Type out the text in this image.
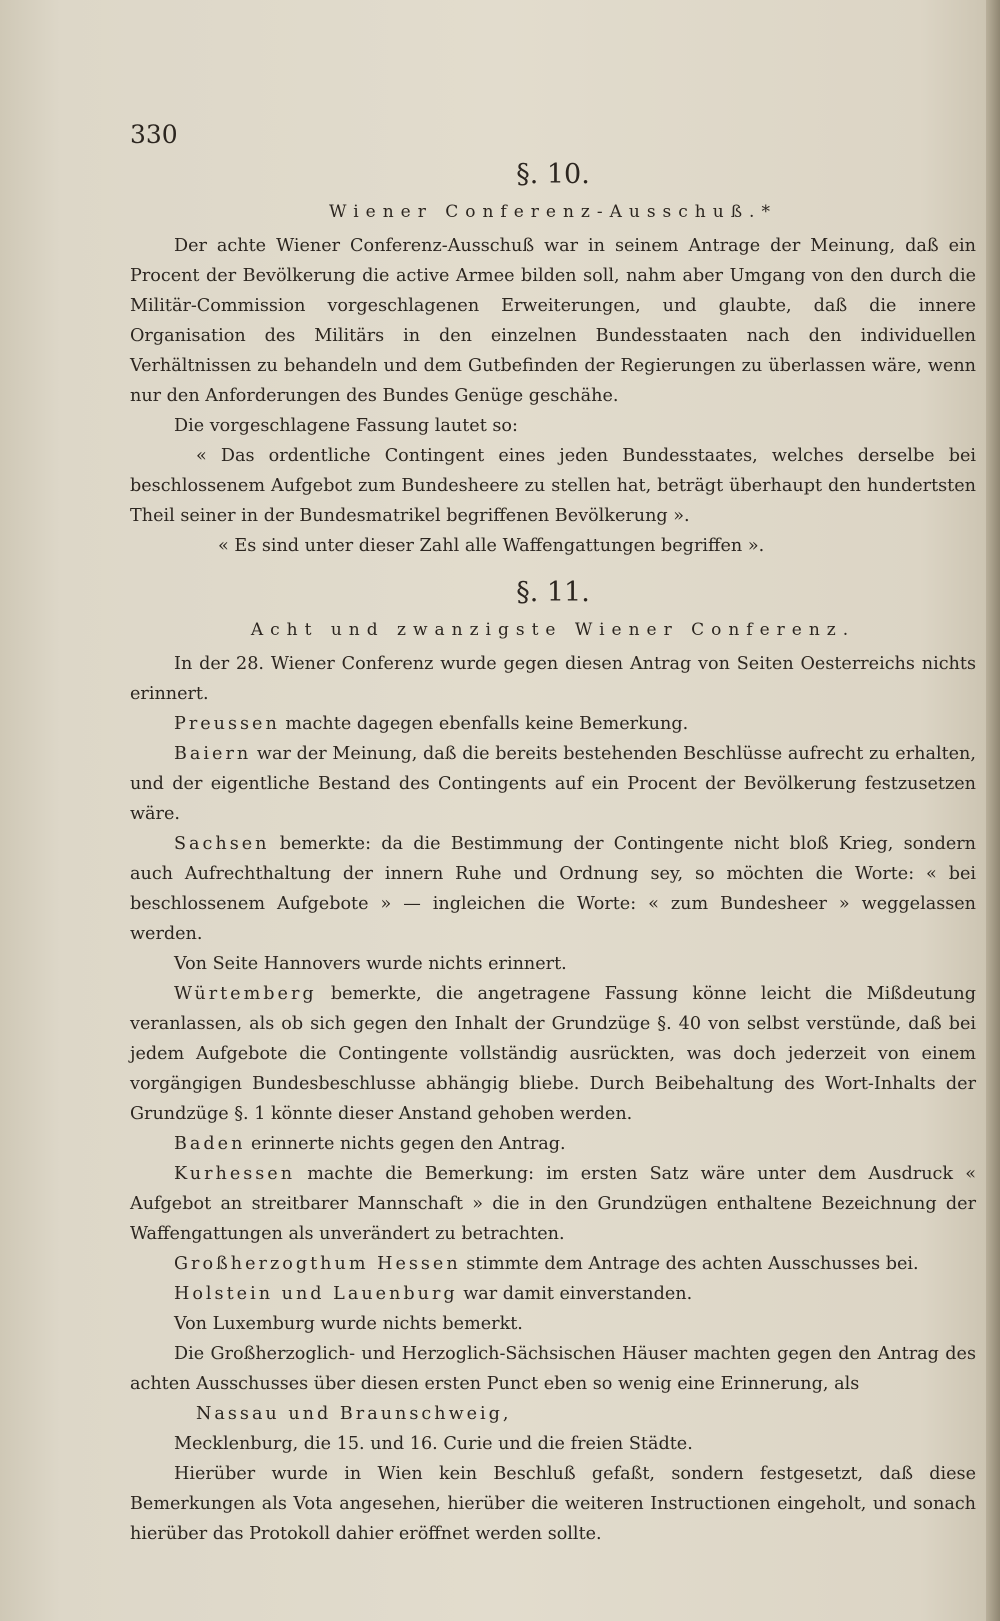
330
§. 10.
Wiener Conferenz-Ausschuß.*

Der achte Wiener Conferenz-Ausschuß war in seinem Antrage der Meinung, daß ein Procent der Bevölkerung die active Armee bilden soll, nahm aber Umgang von den durch die Militär-Commission vorgeschlagenen Erweiterungen, und glaubte, daß die innere Organisation des Militärs in den einzelnen Bundesstaaten nach den individuellen Verhältnissen zu behandeln und dem Gutbefinden der Regierungen zu überlassen wäre, wenn nur den Anforderungen des Bundes Genüge geschähe.

Die vorgeschlagene Fassung lautet so:

« Das ordentliche Contingent eines jeden Bundesstaates, welches derselbe bei beschlossenem Aufgebot zum Bundesheere zu stellen hat, beträgt überhaupt den hundertsten Theil seiner in der Bundesmatrikel begriffenen Bevölkerung ».

« Es sind unter dieser Zahl alle Waffengattungen begriffen ».

§. 11.
Acht und zwanzigste Wiener Conferenz.

In der 28. Wiener Conferenz wurde gegen diesen Antrag von Seiten Oesterreichs nichts erinnert.

Preussen machte dagegen ebenfalls keine Bemerkung.

Baiern war der Meinung, daß die bereits bestehenden Beschlüsse aufrecht zu erhalten, und der eigentliche Bestand des Contingents auf ein Procent der Bevölkerung festzusetzen wäre.

Sachsen bemerkte: da die Bestimmung der Contingente nicht bloß Krieg, sondern auch Aufrechthaltung der innern Ruhe und Ordnung sey, so möchten die Worte: « bei beschlossenem Aufgebote » — ingleichen die Worte: « zum Bundesheer » weggelassen werden.

Von Seite Hannovers wurde nichts erinnert.

Würtemberg bemerkte, die angetragene Fassung könne leicht die Mißdeutung veranlassen, als ob sich gegen den Inhalt der Grundzüge §. 40 von selbst verstünde, daß bei jedem Aufgebote die Contingente vollständig ausrückten, was doch jederzeit von einem vorgängigen Bundesbeschlusse abhängig bliebe. Durch Beibehaltung des Wort-Inhalts der Grundzüge §. 1 könnte dieser Anstand gehoben werden.

Baden erinnerte nichts gegen den Antrag.

Kurhessen machte die Bemerkung: im ersten Satz wäre unter dem Ausdruck « Aufgebot an streitbarer Mannschaft » die in den Grundzügen enthaltene Bezeichnung der Waffengattungen als unverändert zu betrachten.

Großherzogthum Hessen stimmte dem Antrage des achten Ausschusses bei.

Holstein und Lauenburg war damit einverstanden.

Von Luxemburg wurde nichts bemerkt.

Die Großherzoglich- und Herzoglich-Sächsischen Häuser machten gegen den Antrag des achten Ausschusses über diesen ersten Punct eben so wenig eine Erinnerung, als

Nassau und Braunschweig,

Mecklenburg, die 15. und 16. Curie und die freien Städte.

Hierüber wurde in Wien kein Beschluß gefaßt, sondern festgesetzt, daß diese Bemerkungen als Vota angesehen, hierüber die weiteren Instructionen eingeholt, und sonach hierüber das Protokoll dahier eröffnet werden sollte.
